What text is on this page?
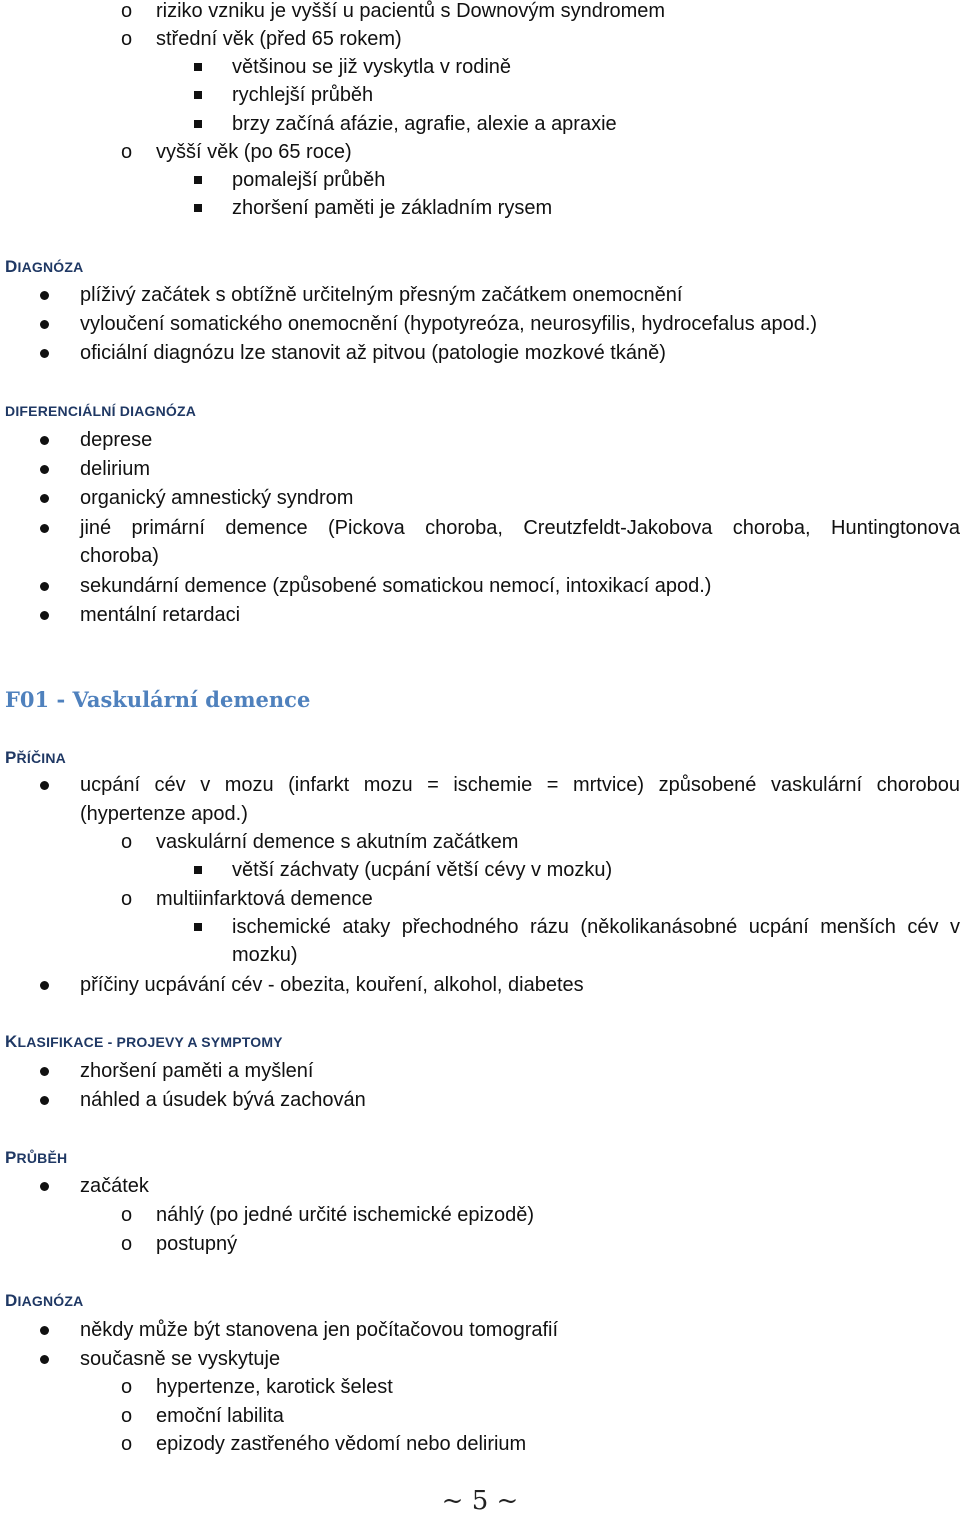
o riziko vzniku je vyšší u pacientů s Downovým syndromem
o střední věk (před 65 rokem)
většinou se již vyskytla v rodině
rychlejší průběh
brzy začíná afázie, agrafie, alexie a apraxie
o vyšší věk (po 65 roce)
pomalejší průběh
zhoršení paměti je základním rysem
DIAGNÓZA
plíživý začátek s obtížně určitelným přesným začátkem onemocnění
vyloučení somatického onemocnění (hypotyreóza, neurosyfilis, hydrocefalus apod.)
oficiální diagnózu lze stanovit až pitvou (patologie mozkové tkáně)
DIFERENCIÁLNÍ DIAGNÓZA
deprese
delirium
organický amnestický syndrom
jiné primární demence (Pickova choroba, Creutzfeldt-Jakobova choroba, Huntingtonova
choroba)
sekundární demence (způsobené somatickou nemocí, intoxikací apod.)
mentální retardaci
F01 - Vaskulární demence
PŘÍČINA
ucpání cév v mozu (infarkt mozu = ischemie = mrtvice) způsobené vaskulární chorobou
(hypertenze apod.)
o vaskulární demence s akutním začátkem
větší záchvaty (ucpání větší cévy v mozku)
o multiinfarktová demence
ischemické ataky přechodného rázu (několikanásobné ucpání menších cév v
mozku)
příčiny ucpávání cév - obezita, kouření, alkohol, diabetes
KLASIFIKACE - PROJEVY A SYMPTOMY
zhoršení paměti a myšlení
náhled a úsudek bývá zachován
PRŮBĚH
začátek
o náhlý (po jedné určité ischemické epizodě)
o postupný
DIAGNÓZA
někdy může být stanovena jen počítačovou tomografií
současně se vyskytuje
o hypertenze, karotick šelest
o emoční labilita
o epizody zastřeného vědomí nebo delirium
~ 5 ~
